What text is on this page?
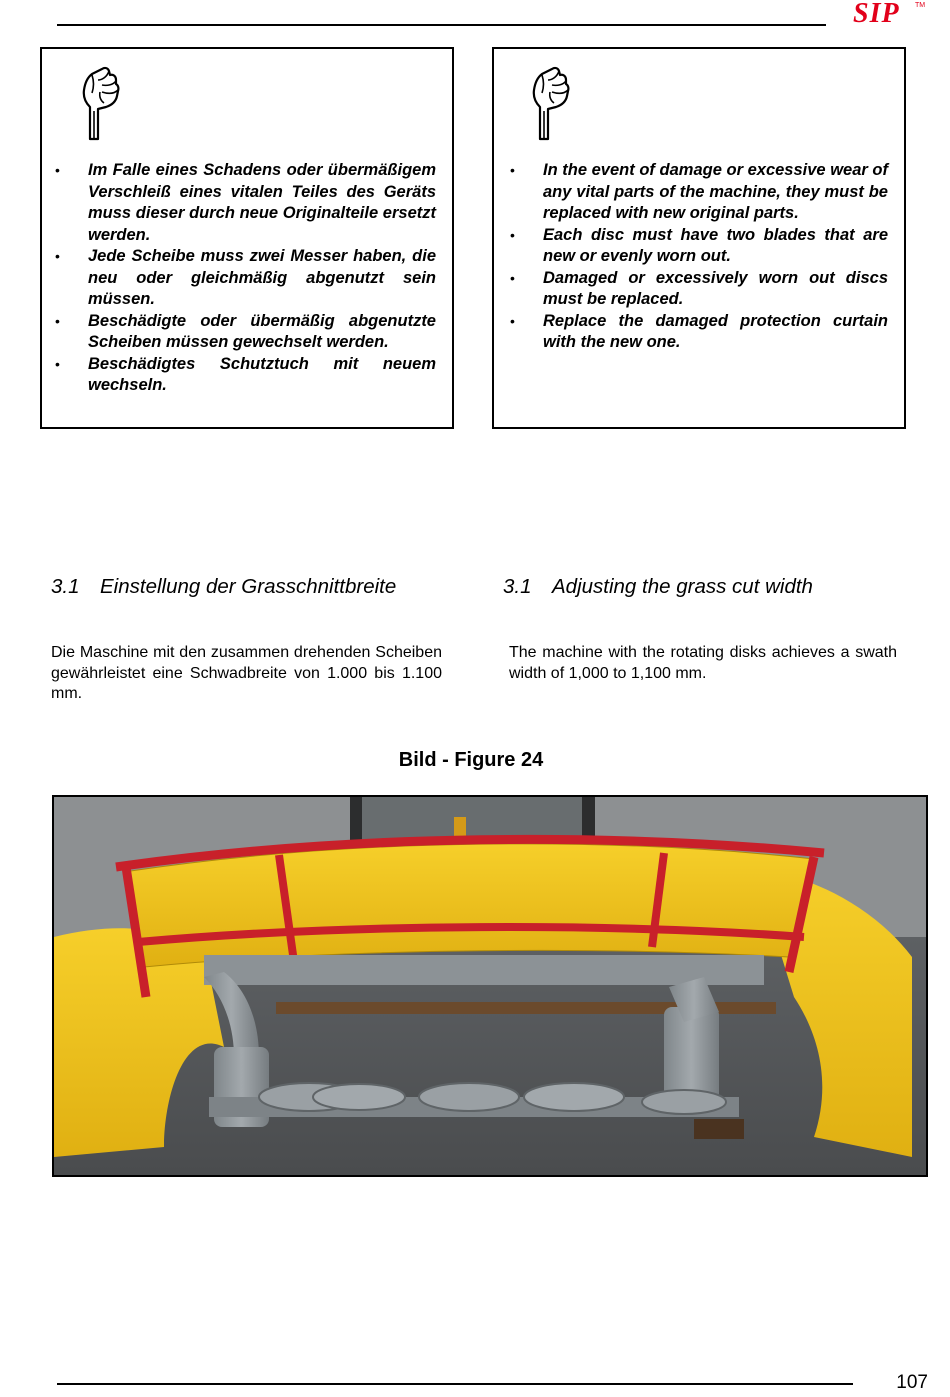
SIP TM
• Im Falle eines Schadens oder übermäßigem Verschleiß eines vitalen Teiles des Geräts muss dieser durch neue Originalteile ersetzt werden.
• Jede Scheibe muss zwei Messer haben, die neu oder gleichmäßig abgenutzt sein müssen.
• Beschädigte oder übermäßig abgenutzte Scheiben müssen gewechselt werden.
• Beschädigtes Schutztuch mit neuem wechseln.
• In the event of damage or excessive wear of any vital parts of the machine, they must be replaced with new original parts.
• Each disc must have two blades that are new or evenly worn out.
• Damaged or excessively worn out discs must be replaced.
• Replace the damaged protection curtain with the new one.
3.1 Einstellung der Grasschnittbreite	3.1 Adjusting the grass cut width
Die Maschine mit den zusammen drehenden Scheiben gewährleistet eine Schwadbreite von 1.000 bis 1.100 mm.
The machine with the rotating disks achieves a swath width of 1,000 to 1,100 mm.
Bild - Figure 24
107
